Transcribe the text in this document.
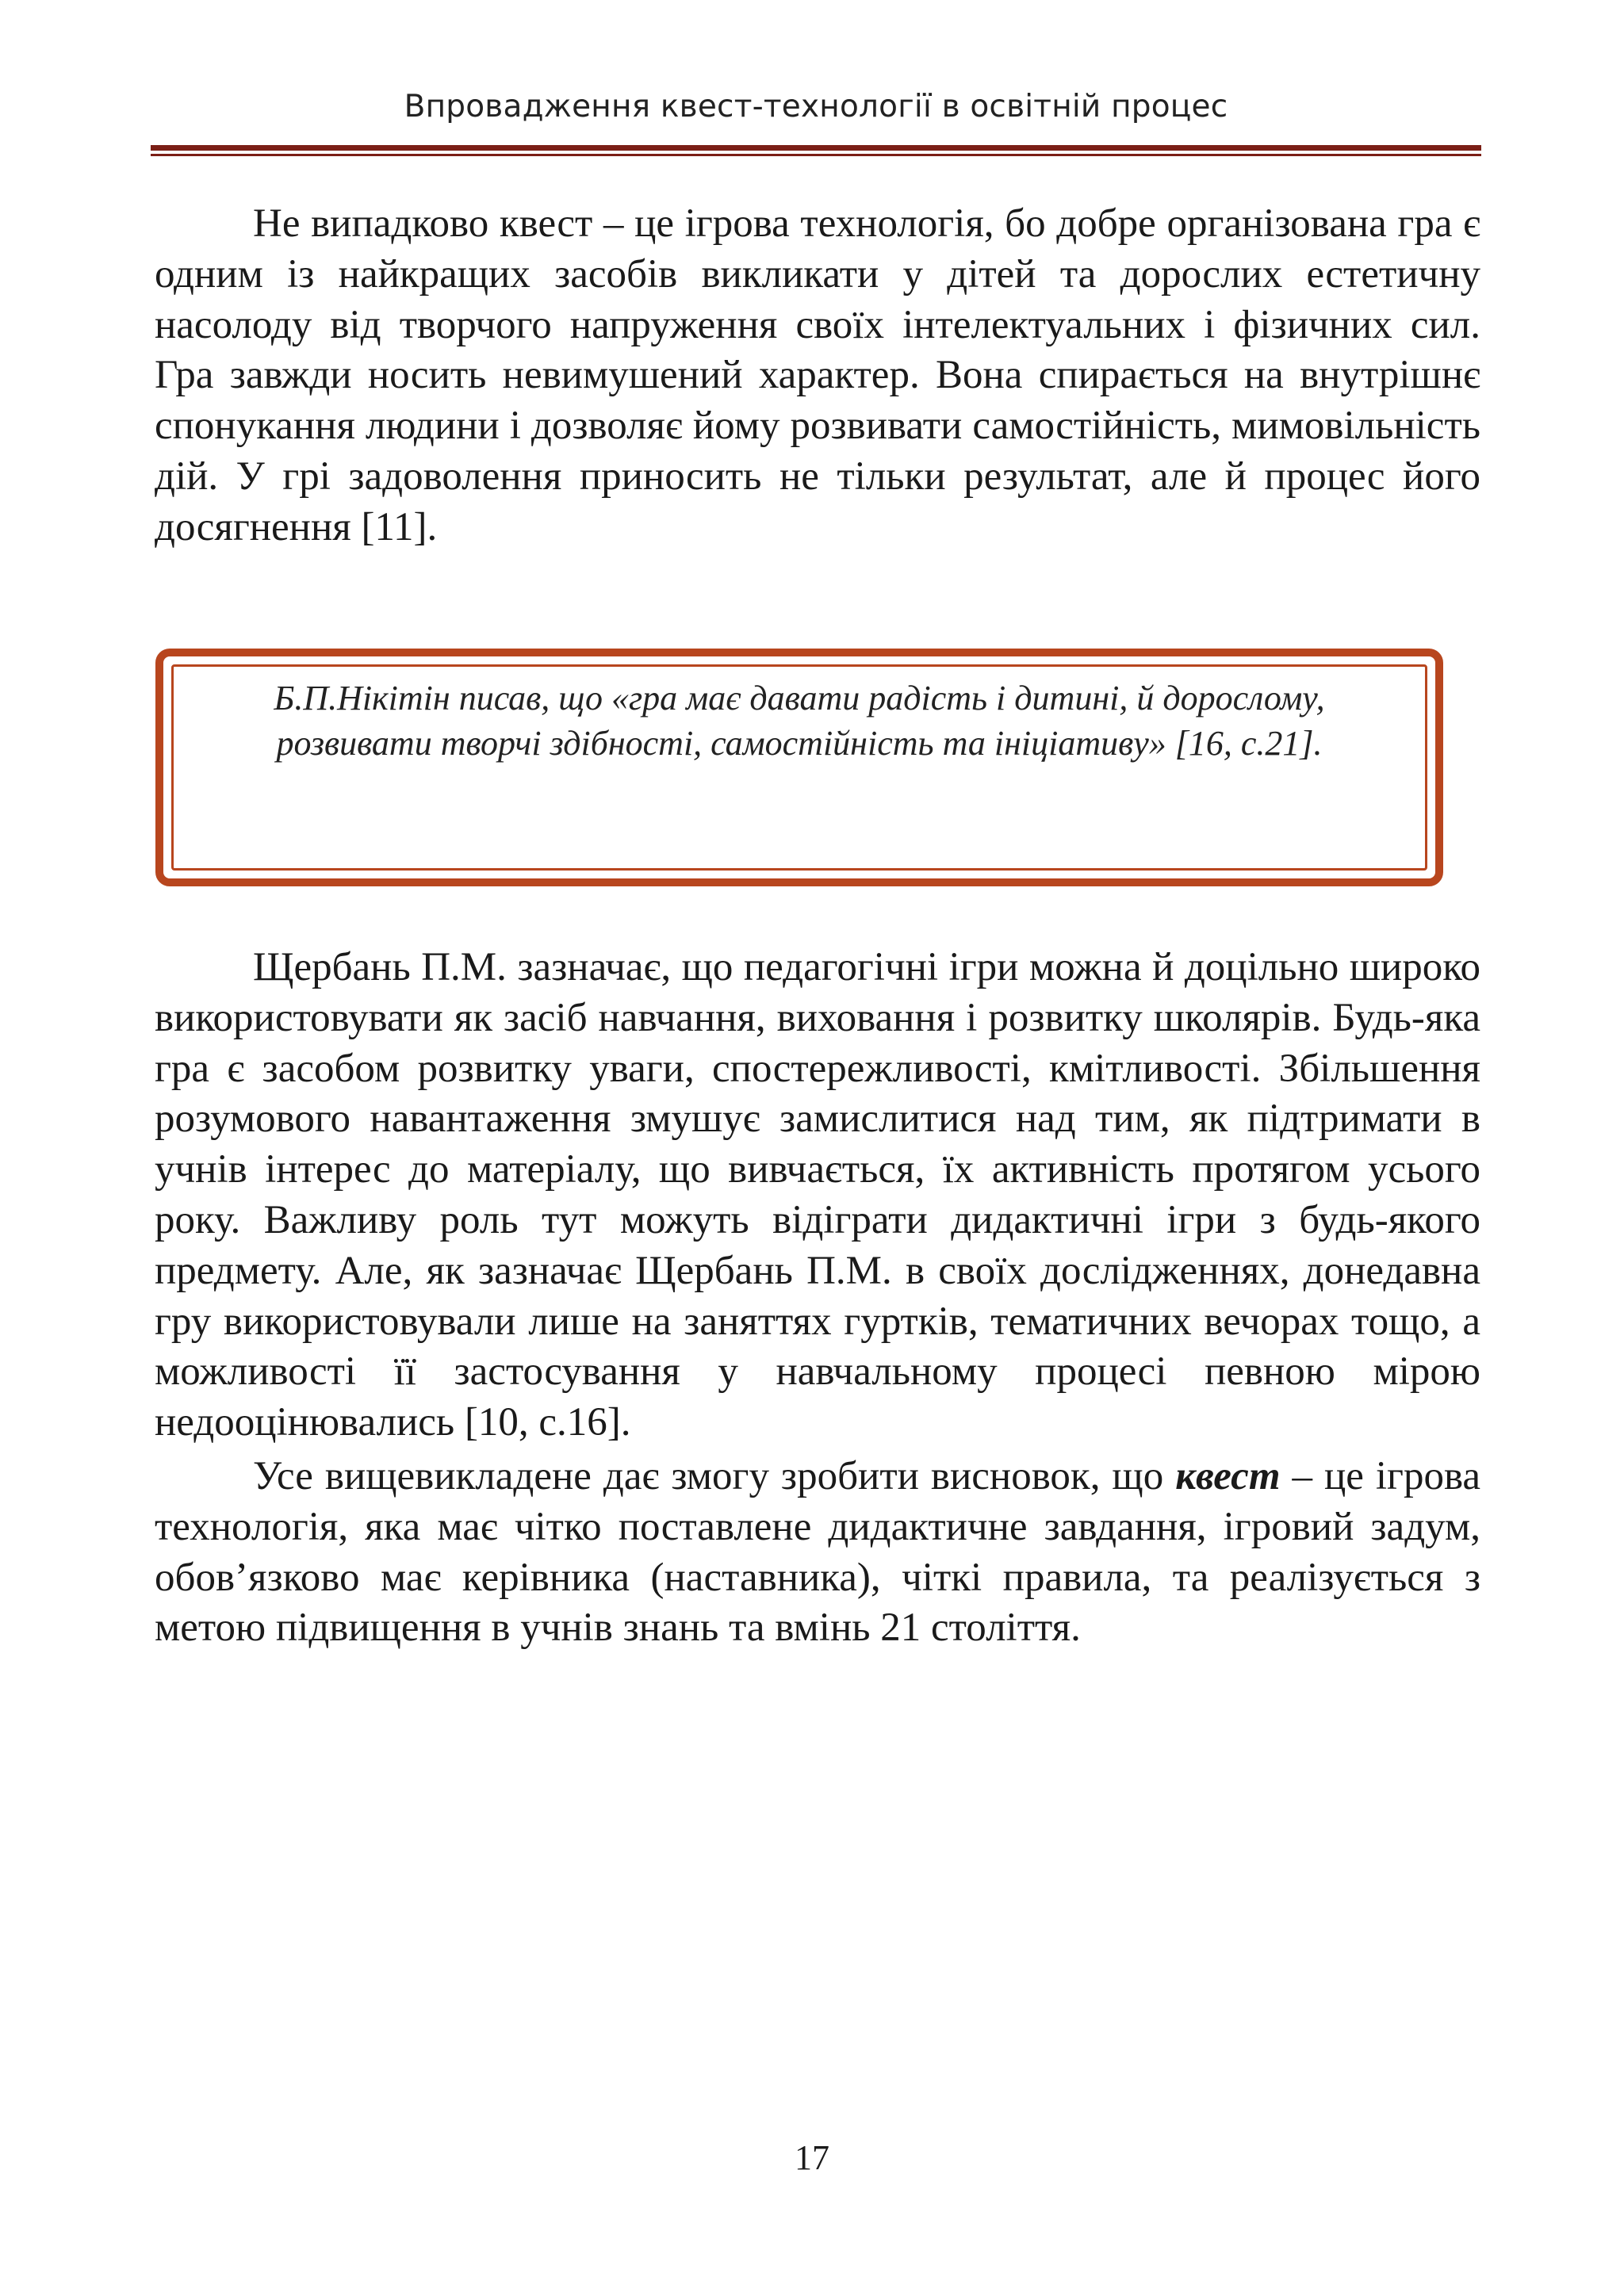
Впровадження квест-технології в освітній процес

Не випадково квест – це ігрова технологія, бо добре організована гра є одним із найкращих засобів викликати у дітей та дорослих естетичну насолоду від творчого напруження своїх інтелектуальних і фізичних сил. Гра завжди носить невимушений характер. Вона спирається на внутрішнє спонукання людини і дозволяє йому розвивати самостійність, мимовільність дій. У грі задоволення приносить не тільки результат, але й процес його досягнення [11].

Б.П.Нікітін писав, що «гра має давати радість і дитині, й дорослому, розвивати творчі здібності, самостійність та ініціативу» [16, с.21].

Щербань П.М. зазначає, що педагогічні ігри можна й доцільно широко використовувати як засіб навчання, виховання і розвитку школярів. Будь-яка гра є засобом розвитку уваги, спостережливості, кмітливості. Збільшення розумового навантаження змушує замислитися над тим, як підтримати в учнів інтерес до матеріалу, що вивчається, їх активність протягом усього року. Важливу роль тут можуть відіграти дидактичні ігри з будь-якого предмету. Але, як зазначає Щербань П.М. в своїх дослідженнях, донедавна гру використовували лише на заняттях гуртків, тематичних вечорах тощо, а можливості її застосування у навчальному процесі певною мірою недооцінювались [10, с.16].

Усе вищевикладене дає змогу зробити висновок, що квест – це ігрова технологія, яка має чітко поставлене дидактичне завдання, ігровий задум, обов’язково має керівника (наставника), чіткі правила, та реалізується з метою підвищення в учнів знань та вмінь 21 століття.

17
